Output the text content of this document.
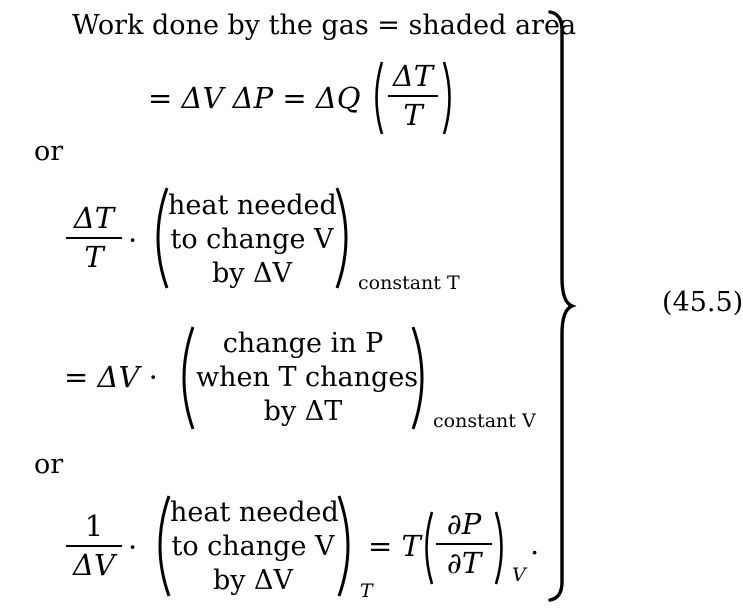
Work done by the gas = shaded area
= ΔV ΔP = ΔQ
ΔT
T
or
ΔT
T ·
heat needed
to change V
by ΔV	constant T
= ΔV ·
change in P
when T changes
by ΔT	constant V
or
1
ΔV
·
heat needed
to change V
by ΔV	T
= T
∂P
∂T	V
.
(45.5)
